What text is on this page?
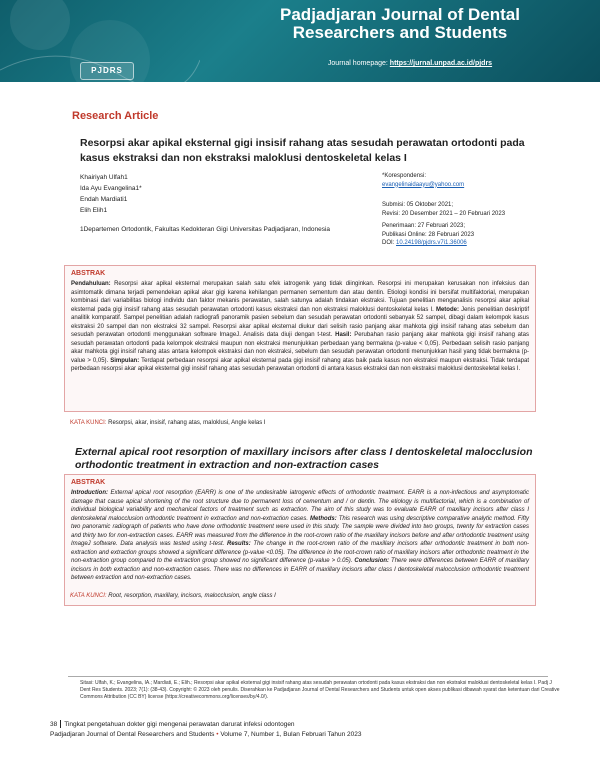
PJDRS
Padjadjaran Journal of Dental
Researchers and Students
Journal homepage: https://jurnal.unpad.ac.id/pjdrs
Research Article
Resorpsi akar apikal eksternal gigi insisif rahang atas sesudah perawatan ortodonti pada kasus ekstraksi dan non ekstraksi maloklusi dentoskeletal kelas I
Khairiyah Ulfah1
Ida Ayu Evangelina1*
Endah Mardiati1
Elih Elih1
1Departemen Ortodontik, Fakultas Kedokteran Gigi Universitas Padjadjaran, Indonesia
*Korespondensi:
evangelinaidaayu@yahoo.com
Submisi: 05 Oktober 2021;
Revisi: 20 Desember 2021 – 20 Februari 2023
Penerimaan: 27 Februari 2023;
Publikasi Online: 28 Februari 2023
DOI: 10.24198/pjdrs.v7i1.36006
ABSTRAK
Pendahuluan: Resorpsi akar apikal eksternal merupakan salah satu efek iatrogenik yang tidak diinginkan. Resorpsi ini merupakan kerusakan non infeksius dan asimtomatik dimana terjadi pemendekan apikal akar gigi karena kehilangan permanen sementum dan atau dentin. Etiologi kondisi ini bersifat multifaktorial, merupakan kombinasi dari variabilitas biologi individu dan faktor mekanis perawatan, salah satunya adalah tindakan ekstraksi. Tujuan penelitian menganalisis resorpsi akar apikal eksternal pada gigi insisif rahang atas sesudah perawatan ortodonti kasus ekstraksi dan non ekstraksi maloklusi dentoskeletal kelas I. Metode: Jenis penelitian deskriptif analitik komparatif. Sampel penelitian adalah radiografi panoramik pasien sebelum dan sesudah perawatan ortodonti sebanyak 52 sampel, dibagi dalam kelompok kasus ekstraksi 20 sampel dan non ekstraksi 32 sampel. Resorpsi akar apikal eksternal diukur dari selisih rasio panjang akar mahkota gigi insisif rahang atas sebelum dan sesudah perawatan ortodonti menggunakan software ImageJ. Analisis data diuji dengan t-test. Hasil: Perubahan rasio panjang akar mahkota gigi insisif rahang atas sesudah perawatan ortodonti pada kelompok ekstraksi maupun non ekstraksi menunjukkan perbedaan yang bermakna (p-value < 0,05). Perbedaan selisih rasio panjang akar mahkota gigi insisif rahang atas antara kelompok ekstraksi dan non ekstraksi, sebelum dan sesudah perawatan ortodonti menunjukkan hasil yang tidak bermakna (p-value > 0,05). Simpulan: Terdapat perbedaan resorpsi akar apikal eksternal pada gigi insisif rahang atas baik pada kasus non ekstraksi maupun ekstraksi. Tidak terdapat perbedaan resorpsi akar apikal eksternal gigi insisif rahang atas sesudah perawatan ortodonti di antara kasus ekstraksi dan non ekstraksi maloklusi dentoskeletal kelas I.
KATA KUNCI: Resorpsi, akar, insisif, rahang atas, maloklusi, Angle kelas I
External apical root resorption of maxillary incisors after class I dentoskeletal malocclusion orthodontic treatment in extraction and non-extraction cases
ABSTRAK
Introduction: External apical root resorption (EARR) is one of the undesirable iatrogenic effects of orthodontic treatment. EARR is a non-infectious and asymptomatic damage that cause apical shortening of the root structure due to permanent loss of cementum and / or dentin. The etiology is multifactorial, which is a combination of individual biological variability and mechanical factors of treatment such as extraction. The aim of this study was to evaluate EARR of maxillary incisors after class I dentoskeletal malocclusion orthodontic treatment in extraction and non-extraction cases. Methods: This research was using descriptive comparative analytic method. Fifty two panoramic radiograph of patients who have done orthodontic treatment were used in this study. The sample were divided into two groups, twenty for extraction cases and thirty two for non-extraction cases. EARR was measured from the difference in the root-crown ratio of the maxillary incisors before and after orthodontic treatment using ImageJ software. Data analysis was tested using t-test. Results: The change in the root-crown ratio of the maxillary incisors after orthodontic treatment in both non-extraction and extraction groups showed a significant difference (p-value <0.05). The difference in the root-crown ratio of maxillary incisors after orthodontic treatment in the non-extraction group compared to the extraction group showed no significant difference (p-value > 0.05). Conclusion: There were differences between EARR of maxillary incisors in both extraction and non-extraction cases. There was no differences in EARR of maxillary incisors after class I dentoskeletal malocclusion orthodontic treatment between extraction and non-extraction cases.
KATA KUNCI: Root, resorption, maxillary, incisors, malocclusion, angle class I
Sitasi: Ulfah, K.; Evangelina, IA.; Mardiati, E.; Elih.; Resorpsi akar apikal eksternal gigi insisif rahang atas sesudah perawatan ortodonti pada kasus ekstraksi dan non ekstraksi maloklusi dentoskeletal kelas I. Padj J Dent Res Students. 2023; 7(1): (38-43). Copyright: © 2023 oleh penulis. Diserahkan ke Padjadjaran Journal of Dental Researchers and Students untuk open akses publikasi dibawah syarat dan ketentuan dari Creative Commons Attribution (CC BY) license (https://creativecommons.org/licenses/by/4.0/).
38 Tingkat pengetahuan dokter gigi mengenai perawatan darurat infeksi odontogen
Padjadjaran Journal of Dental Researchers and Students • Volume 7, Number 1, Bulan Februari Tahun 2023
